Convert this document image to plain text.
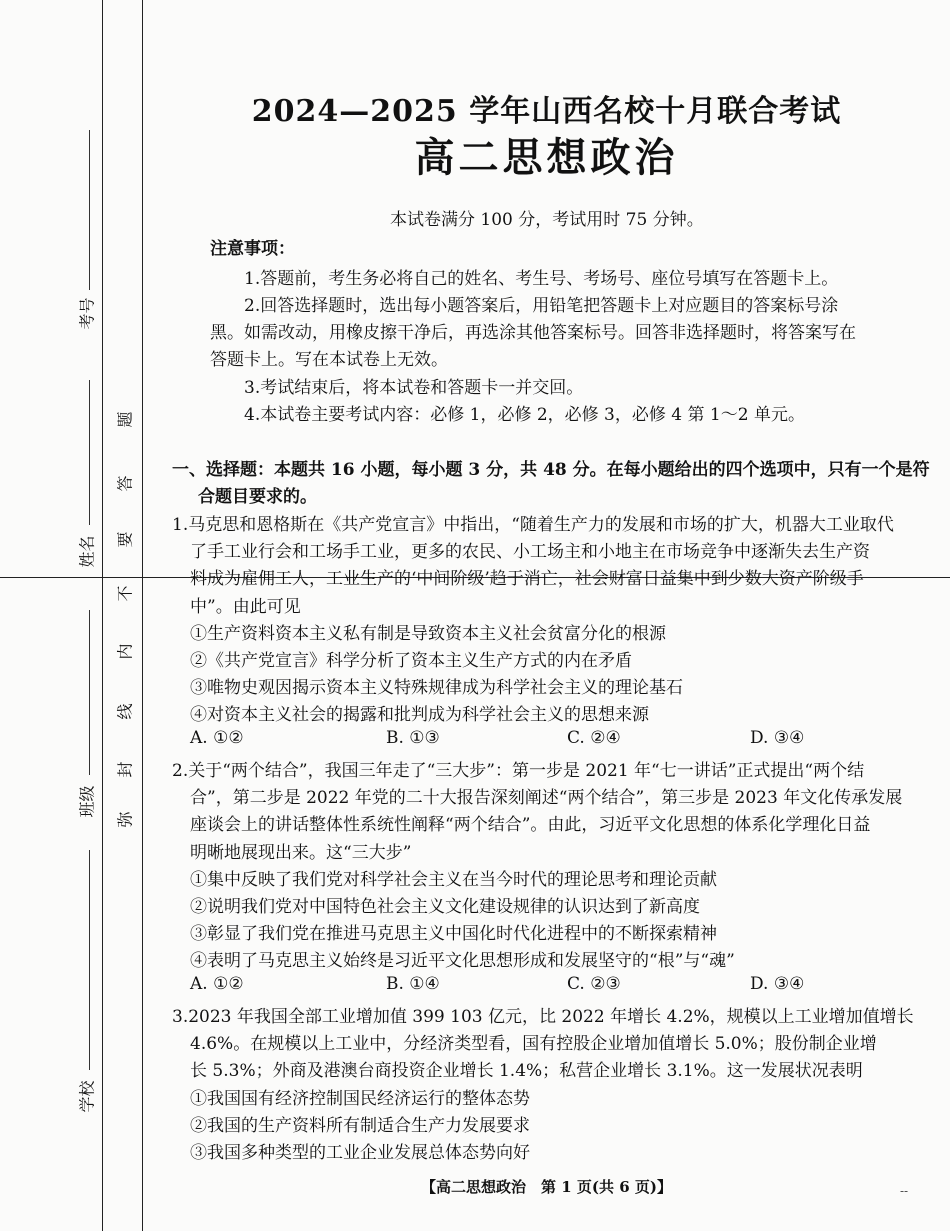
考号
姓名
班级
学校
题
答
要
不
内
线
封
弥
2024—2025 学年山西名校十月联合考试
高二思想政治
本试卷满分 100 分，考试用时 75 分钟。
注意事项：
1.答题前，考生务必将自己的姓名、考生号、考场号、座位号填写在答题卡上。
2.回答选择题时，选出每小题答案后，用铅笔把答题卡上对应题目的答案标号涂
黑。如需改动，用橡皮擦干净后，再选涂其他答案标号。回答非选择题时，将答案写在
答题卡上。写在本试卷上无效。
3.考试结束后，将本试卷和答题卡一并交回。
4.本试卷主要考试内容：必修 1，必修 2，必修 3，必修 4 第 1～2 单元。
一、选择题：本题共 16 小题，每小题 3 分，共 48 分。在每小题给出的四个选项中，只有一个是符
合题目要求的。
1.马克思和恩格斯在《共产党宣言》中指出，“随着生产力的发展和市场的扩大，机器大工业取代
了手工业行会和工场手工业，更多的农民、小工场主和小地主在市场竞争中逐渐失去生产资
料成为雇佣工人，工业生产的‘中间阶级’趋于消亡，社会财富日益集中到少数大资产阶级手
中”。由此可见
①生产资料资本主义私有制是导致资本主义社会贫富分化的根源
②《共产党宣言》科学分析了资本主义生产方式的内在矛盾
③唯物史观因揭示资本主义特殊规律成为科学社会主义的理论基石
④对资本主义社会的揭露和批判成为科学社会主义的思想来源
A. ①②	B. ①③	C. ②④	D. ③④
2.关于“两个结合”，我国三年走了“三大步”：第一步是 2021 年“七一讲话”正式提出“两个结
合”，第二步是 2022 年党的二十大报告深刻阐述“两个结合”，第三步是 2023 年文化传承发展
座谈会上的讲话整体性系统性阐释“两个结合”。由此，习近平文化思想的体系化学理化日益
明晰地展现出来。这“三大步”
①集中反映了我们党对科学社会主义在当今时代的理论思考和理论贡献
②说明我们党对中国特色社会主义文化建设规律的认识达到了新高度
③彰显了我们党在推进马克思主义中国化时代化进程中的不断探索精神
④表明了马克思主义始终是习近平文化思想形成和发展坚守的“根”与“魂”
A. ①②	B. ①④	C. ②③	D. ③④
3.2023 年我国全部工业增加值 399 103 亿元，比 2022 年增长 4.2%，规模以上工业增加值增长
4.6%。在规模以上工业中，分经济类型看，国有控股企业增加值增长 5.0%；股份制企业增
长 5.3%；外商及港澳台商投资企业增长 1.4%；私营企业增长 3.1%。这一发展状况表明
①我国国有经济控制国民经济运行的整体态势
②我国的生产资料所有制适合生产力发展要求
③我国多种类型的工业企业发展总体态势向好
【高二思想政治　第 1 页(共 6 页)】	--
